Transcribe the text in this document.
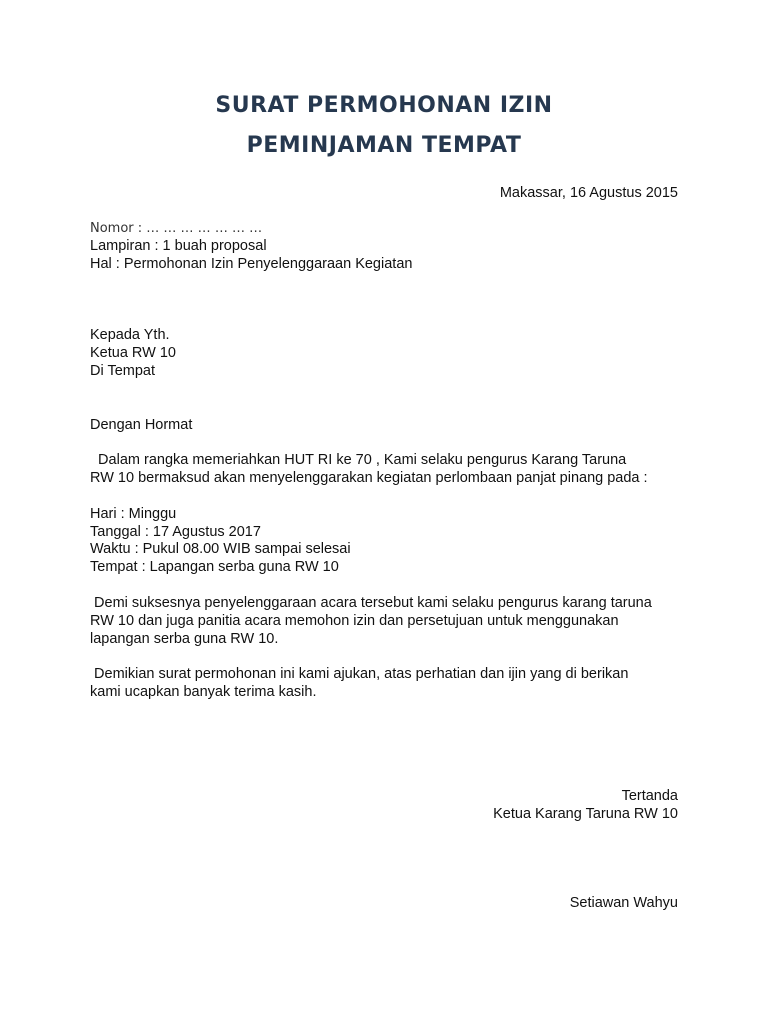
SURAT PERMOHONAN IZIN
PEMINJAMAN TEMPAT
Makassar, 16 Agustus 2015
Nomor : … … … … … … …
Lampiran : 1 buah proposal
Hal : Permohonan Izin Penyelenggaraan Kegiatan
Kepada Yth.
Ketua RW 10
Di Tempat
Dengan Hormat
Dalam rangka memeriahkan HUT RI ke 70 , Kami selaku pengurus Karang Taruna
RW 10 bermaksud akan menyelenggarakan kegiatan perlombaan panjat pinang pada :
Hari : Minggu
Tanggal : 17 Agustus 2017
Waktu : Pukul 08.00 WIB sampai selesai
Tempat : Lapangan serba guna RW 10
Demi suksesnya penyelenggaraan acara tersebut kami selaku pengurus karang taruna
RW 10 dan juga panitia acara memohon izin dan persetujuan untuk menggunakan
lapangan serba guna RW 10.
Demikian surat permohonan ini kami ajukan, atas perhatian dan ijin yang di berikan
kami ucapkan banyak terima kasih.
Tertanda
Ketua Karang Taruna RW 10
Setiawan Wahyu
